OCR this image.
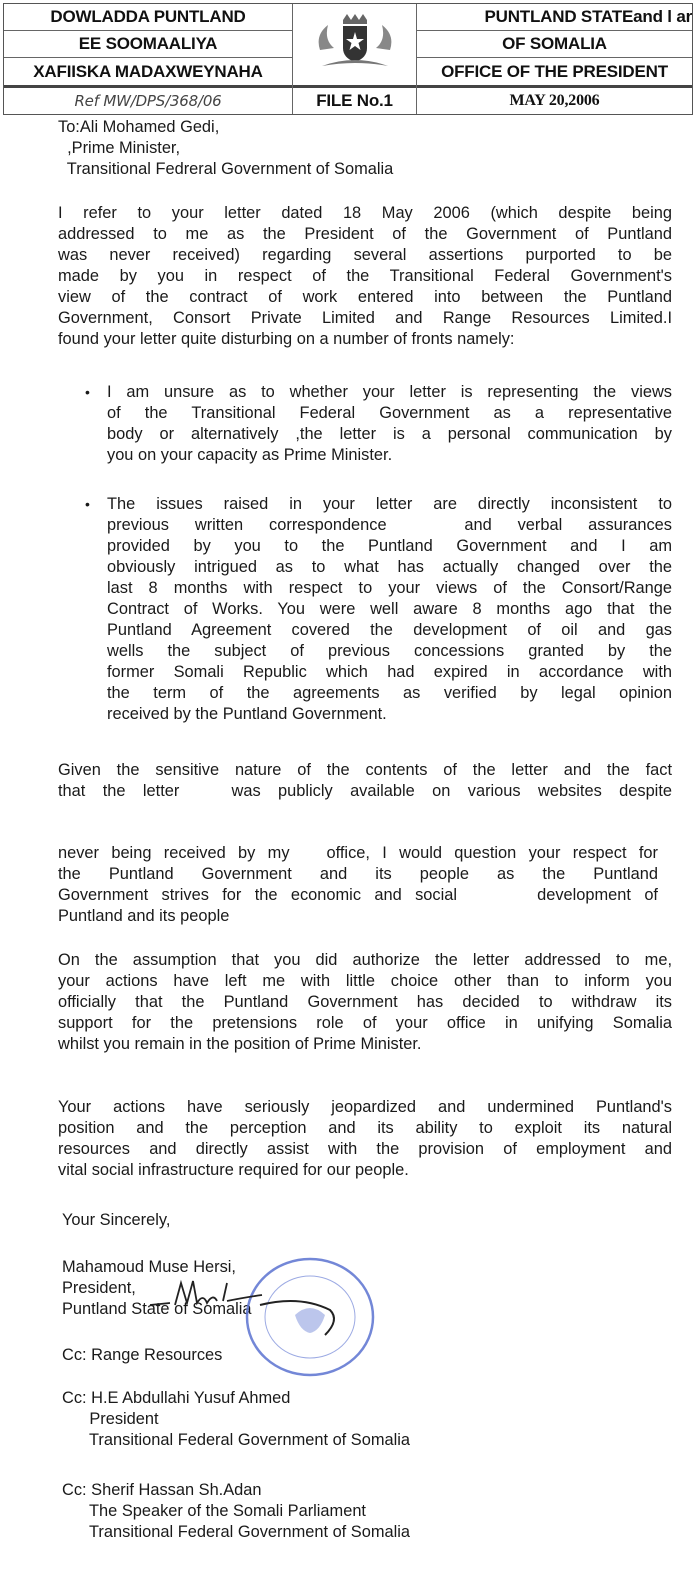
DOWLADDA PUNTLAND
EE SOOMAALIYA
XAFIISKA MADAXWEYNAHA
PUNTLAND STATEand l ar
OF SOMALIA
OFFICE OF THE PRESIDENT
Ref MW/DPS/368/06	FILE No.1	MAY 20,2006
To:Ali Mohamed Gedi,
,Prime Minister,
Transitional Fedreral Government of Somalia
I refer to your letter dated 18 May 2006 (which despite being
addressed to me as the President of the Government of Puntland
was never received) regarding several assertions purported to be
made by you in respect of the Transitional Federal Government's
view of the contract of work entered into between the Puntland
Government, Consort Private Limited and Range Resources Limited.I
found your letter quite disturbing on a number of fronts namely:
• I am unsure as to whether your letter is representing the views
of the Transitional Federal Government as a representative
body or alternatively ,the letter is a personal communication by
you on your capacity as Prime Minister.
• The issues raised in your letter are directly inconsistent to
previous written correspondence   and verbal assurances
provided by you to the Puntland Government and I am
obviously intrigued as to what has actually changed over the
last 8 months with respect to your views of the Consort/Range
Contract of Works. You were well aware 8 months ago that the
Puntland Agreement covered the development of oil and gas
wells the subject of previous concessions granted by the
former Somali Republic which had expired in accordance with
the term of the agreements as verified by legal opinion
received by the Puntland Government.
Given the sensitive nature of the contents of the letter and the fact
that the letter   was publicly available on various websites despite
never being received by my   office, I would question your respect for
the Puntland Government and its people as the Puntland
Government strives for the economic and social      development of
Puntland and its people
On the assumption that you did authorize the letter addressed to me,
your actions have left me with little choice other than to inform you
officially that the Puntland Government has decided to withdraw its
support for the pretensions role of your office in unifying Somalia
whilst you remain in the position of Prime Minister.
Your actions have seriously jeopardized and undermined Puntland's
position and the perception and its ability to exploit its natural
resources and directly assist with the provision of employment and
vital social infrastructure required for our people.
Your Sincerely,
Mahamoud Muse Hersi,
President,
Puntland State of Somalia
Cc: Range Resources
Cc: H.E Abdullahi Yusuf Ahmed
President
Transitional Federal Government of Somalia
Cc: Sherif Hassan Sh.Adan
The Speaker of the Somali Parliament
Transitional Federal Government of Somalia
